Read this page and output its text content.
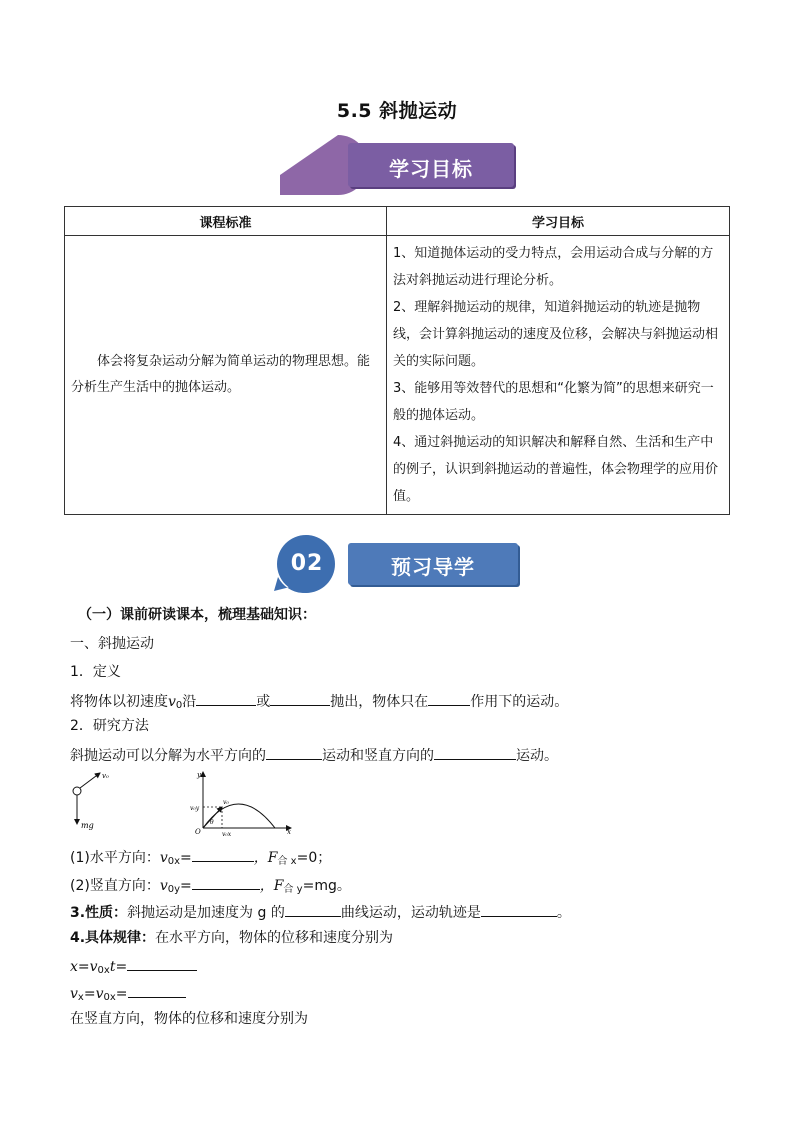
5.5 斜抛运动
学习目标
课程标准	学习目标

体会将复杂运动分解为简单运动的物理思想。能分析生产生活中的抛体运动。	1、知道抛体运动的受力特点，会用运动合成与分解的方法对斜抛运动进行理论分析。

2、理解斜抛运动的规律，知道斜抛运动的轨迹是抛物线，会计算斜抛运动的速度及位移，会解决与斜抛运动相关的实际问题。

3、能够用等效替代的思想和“化繁为简”的思想来研究一般的抛体运动。

4、通过斜抛运动的知识解决和解释自然、生活和生产中的例子，认识到斜抛运动的普遍性，体会物理学的应用价值。

02	预习导学
（一）课前研读课本，梳理基础知识：
一、斜抛运动
1．定义
将物体以初速度$v_0$沿	或	抛出，物体只在	作用下的运动。
2．研究方法
斜抛运动可以分解为水平方向的	运动和竖直方向的	运动。
v₀
mg
y
x
O
v₀y
v₀x
v₀
θ
(1)水平方向：$v_{0x}=$	，$F_{合 x}=0$；
(2)竖直方向：$v_{0y}=$	，$F_{合 y}=mg$。
3.性质：斜抛运动是加速度为 g 的	曲线运动，运动轨迹是	。
4.具体规律：在水平方向，物体的位移和速度分别为
$x=v_{0x}t=$
$v_x=v_{0x}=$
在竖直方向，物体的位移和速度分别为
